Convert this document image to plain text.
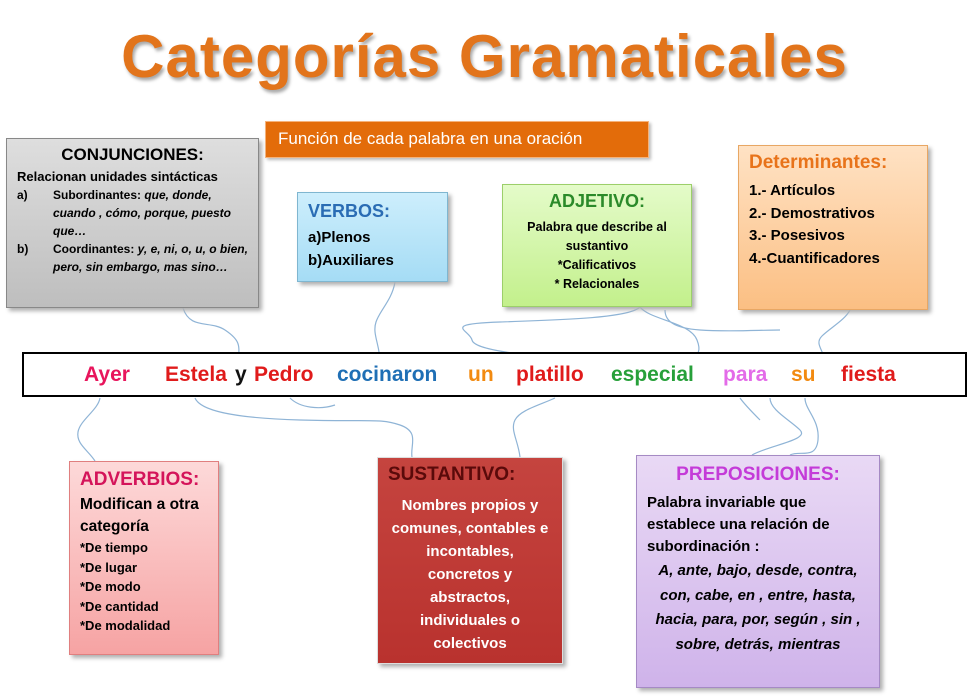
Categorías Gramaticales
Función de cada palabra en una oración
CONJUNCIONES:
Relacionan unidades sintácticas
a)	Subordinantes: que, donde, cuando , cómo, porque, puesto que…
b)	Coordinantes: y, e, ni, o, u, o bien, pero, sin embargo, mas sino…
VERBOS:
a)Plenos
b)Auxiliares
ADJETIVO:
Palabra que describe al
sustantivo
*Calificativos
* Relacionales
Determinantes:
1.- Artículos
2.- Demostrativos
3.- Posesivos
4.-Cuantificadores
Ayer Estela y Pedro cocinaron un platillo especial para su fiesta
ADVERBIOS:
Modifican a otra
categoría
*De tiempo
*De lugar
*De modo
*De cantidad
*De modalidad
SUSTANTIVO:
Nombres propios y
comunes, contables e
incontables,
concretos y
abstractos,
individuales o
colectivos
PREPOSICIONES:
Palabra invariable que
establece una relación de
subordinación :
A, ante, bajo, desde, contra,
con, cabe, en , entre, hasta,
hacia, para, por, según , sin ,
sobre, detrás, mientras
